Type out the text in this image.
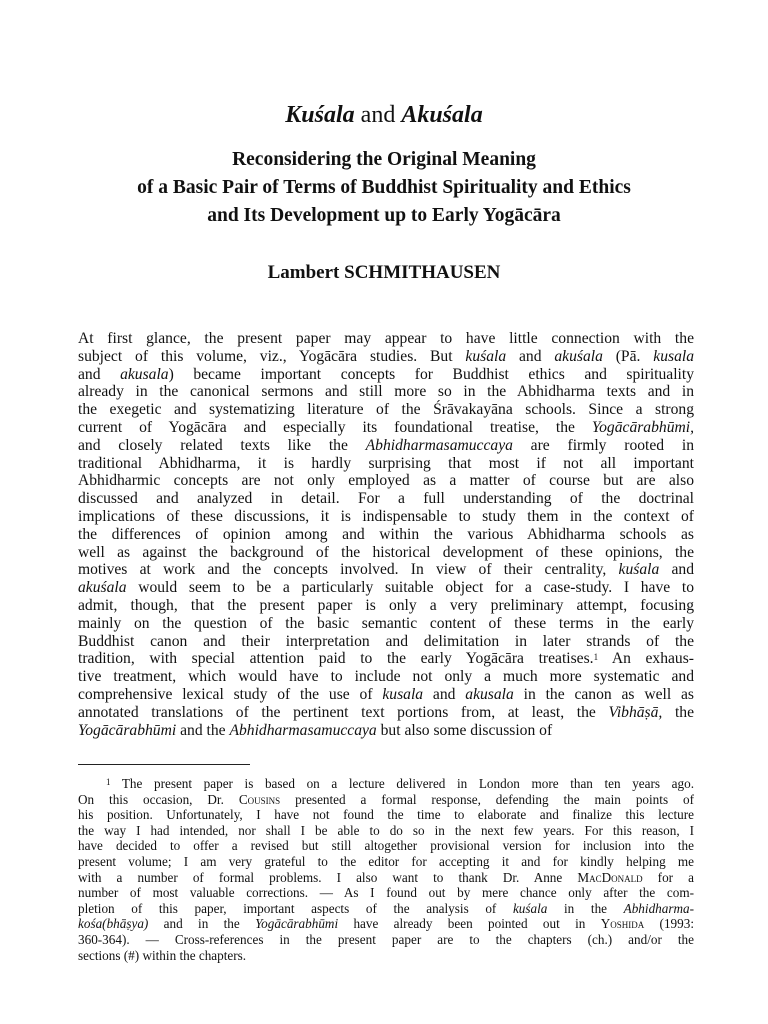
Kuśala and Akuśala
Reconsidering the Original Meaning
of a Basic Pair of Terms of Buddhist Spirituality and Ethics
and Its Development up to Early Yogācāra

Lambert SCHMITHAUSEN

At first glance, the present paper may appear to have little connection with the
subject of this volume, viz., Yogācāra studies. But kuśala and akuśala (Pā. kusala
and akusala) became important concepts for Buddhist ethics and spirituality
already in the canonical sermons and still more so in the Abhidharma texts and in
the exegetic and systematizing literature of the Śrāvakayāna schools. Since a strong
current of Yogācāra and especially its foundational treatise, the Yogācārabhūmi,
and closely related texts like the Abhidharmasamuccaya are firmly rooted in
traditional Abhidharma, it is hardly surprising that most if not all important
Abhidharmic concepts are not only employed as a matter of course but are also
discussed and analyzed in detail. For a full understanding of the doctrinal
implications of these discussions, it is indispensable to study them in the context of
the differences of opinion among and within the various Abhidharma schools as
well as against the background of the historical development of these opinions, the
motives at work and the concepts involved. In view of their centrality, kuśala and
akuśala would seem to be a particularly suitable object for a case-study. I have to
admit, though, that the present paper is only a very preliminary attempt, focusing
mainly on the question of the basic semantic content of these terms in the early
Buddhist canon and their interpretation and delimitation in later strands of the
tradition, with special attention paid to the early Yogācāra treatises.$^1$ An exhaus-
tive treatment, which would have to include not only a much more systematic and
comprehensive lexical study of the use of kusala and akusala in the canon as well as
annotated translations of the pertinent text portions from, at least, the Vibhāṣā, the
Yogācārabhūmi and the Abhidharmasamuccaya but also some discussion of
$^1$ The present paper is based on a lecture delivered in London more than ten years ago.
On this occasion, Dr. Cousins presented a formal response, defending the main points of
his position. Unfortunately, I have not found the time to elaborate and finalize this lecture
the way I had intended, nor shall I be able to do so in the next few years. For this reason, I
have decided to offer a revised but still altogether provisional version for inclusion into the
present volume; I am very grateful to the editor for accepting it and for kindly helping me
with a number of formal problems. I also want to thank Dr. Anne MacDonald for a
number of most valuable corrections. — As I found out by mere chance only after the com-
pletion of this paper, important aspects of the analysis of kuśala in the Abhidharma-
kośa(bhāṣya) and in the Yogācārabhūmi have already been pointed out in Yoshida (1993:
360-364). — Cross-references in the present paper are to the chapters (ch.) and/or the
sections (#) within the chapters.
